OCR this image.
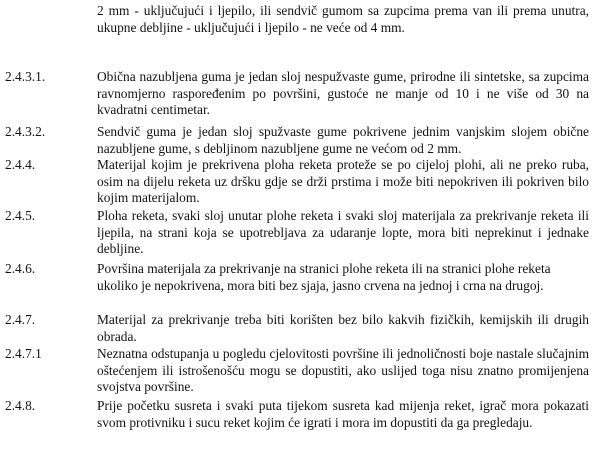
2 mm - uključujući i ljepilo, ili sendvič gumom sa zupcima prema van ili prema unutra, ukupne debljine - uključujući i ljepilo - ne veće od 4 mm.
2.4.3.1.	Obična nazubljena guma je jedan sloj nespužvaste gume, prirodne ili sintetske, sa zupcima ravnomjerno raspoređenim po površini, gustoće ne manje od 10 i ne više od 30 na kvadratni centimetar.
2.4.3.2.	Sendvič guma je jedan sloj spužvaste gume pokrivene jednim vanjskim slojem obične nazubljene gume, s debljinom nazubljene gume ne većom od 2 mm.
2.4.4.	Materijal kojim je prekrivena ploha reketa proteže se po cijeloj plohi, ali ne preko ruba, osim na dijelu reketa uz dršku gdje se drži prstima i može biti nepokriven ili pokriven bilo kojim materijalom.
2.4.5.	Ploha reketa, svaki sloj unutar plohe reketa i svaki sloj materijala za prekrivanje reketa ili ljepila, na strani koja se upotrebljava za udaranje lopte, mora biti neprekinut i jednake debljine.
2.4.6.	Površina materijala za prekrivanje na stranici plohe reketa ili na stranici plohe reketa ukoliko je nepokrivena, mora biti bez sjaja, jasno crvena na jednoj i crna na drugoj.
2.4.7.	Materijal za prekrivanje treba biti korišten bez bilo kakvih fizičkih, kemijskih ili drugih obrada.
2.4.7.1	Neznatna odstupanja u pogledu cjelovitosti površine ili jednoličnosti boje nastale slučajnim oštećenjem ili istrošenošću mogu se dopustiti, ako uslijed toga nisu znatno promijenjena svojstva površine.
2.4.8.	Prije početku susreta i svaki puta tijekom susreta kad mijenja reket, igrač mora pokazati svom protivniku i sucu reket kojim će igrati i mora im dopustiti da ga pregledaju.
